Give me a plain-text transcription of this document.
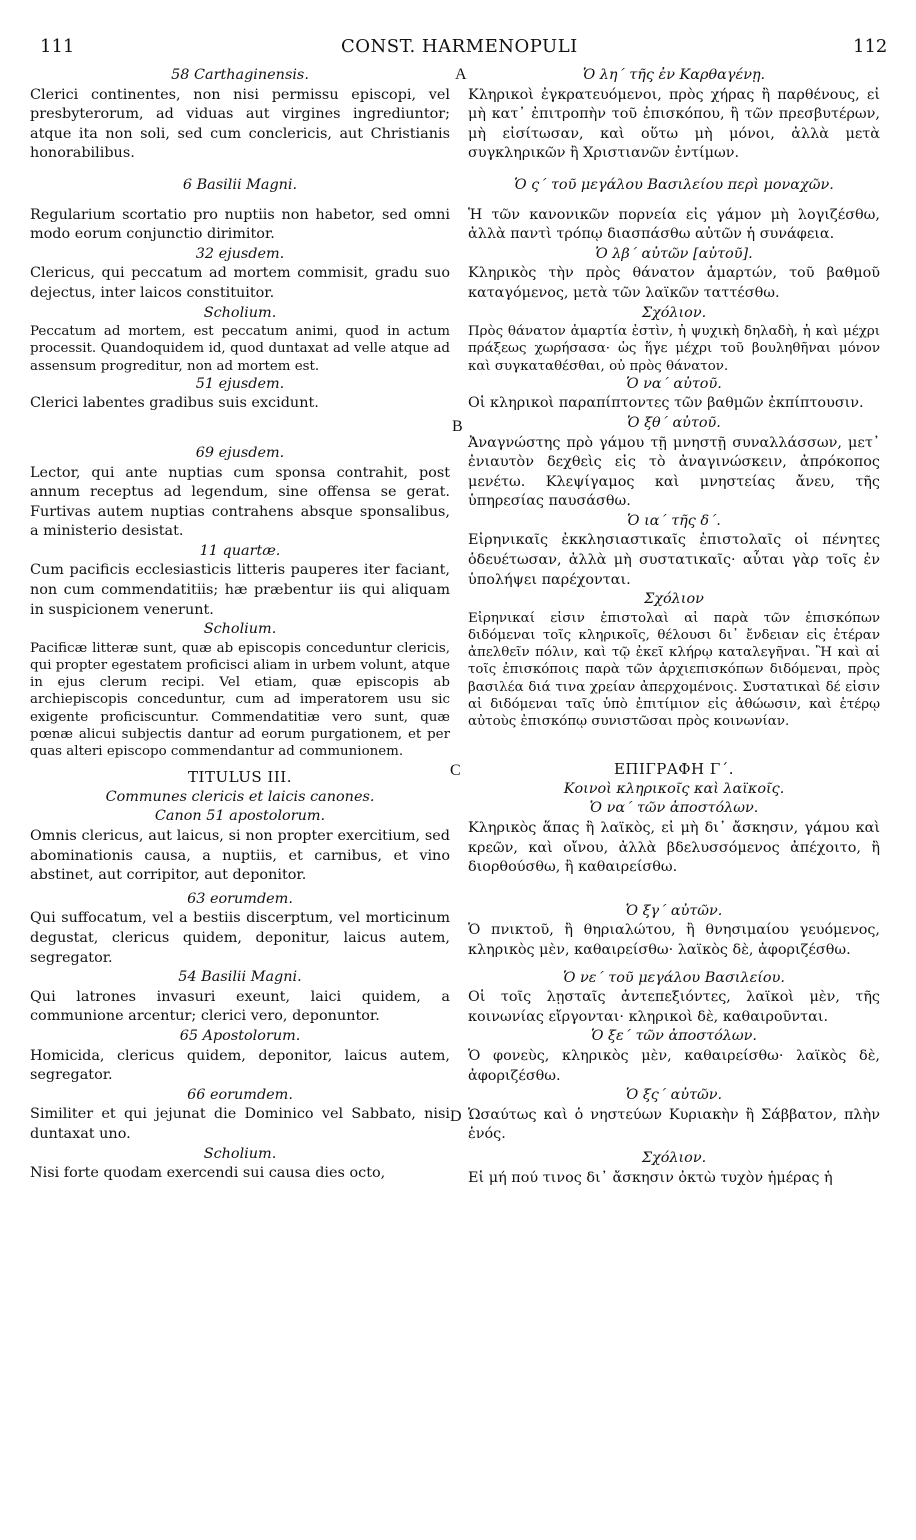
111	CONST. HARMENOPULI	112
A
B
C
D
58 Carthaginensis.
Clerici continentes, non nisi permissu episcopi, vel presbyterorum, ad viduas aut virgines ingrediuntor; atque ita non soli, sed cum conclericis, aut Christianis honorabilibus.
6 Basilii Magni.
Regularium scortatio pro nuptiis non habetor, sed omni modo eorum conjunctio dirimitor.
32 ejusdem.
Clericus, qui peccatum ad mortem commisit, gradu suo dejectus, inter laicos constituitor.
Scholium.
Peccatum ad mortem, est peccatum animi, quod in actum processit. Quandoquidem id, quod duntaxat ad velle atque ad assensum progreditur, non ad mortem est.
51 ejusdem.
Clerici labentes gradibus suis excidunt.
69 ejusdem.
Lector, qui ante nuptias cum sponsa contrahit, post annum receptus ad legendum, sine offensa se gerat. Furtivas autem nuptias contrahens absque sponsalibus, a ministerio desistat.
11 quartæ.
Cum pacificis ecclesiasticis litteris pauperes iter faciant, non cum commendatitiis; hæ præbentur iis qui aliquam in suspicionem venerunt.
Scholium.
Pacificæ litteræ sunt, quæ ab episcopis conceduntur clericis, qui propter egestatem proficisci aliam in urbem volunt, atque in ejus clerum recipi. Vel etiam, quæ episcopis ab archiepiscopis conceduntur, cum ad imperatorem usu sic exigente proficiscuntur. Commendatitiæ vero sunt, quæ pœnæ alicui subjectis dantur ad eorum purgationem, et per quas alteri episcopo commendantur ad communionem.
TITULUS III.
Communes clericis et laicis canones.
Canon 51 apostolorum.
Omnis clericus, aut laicus, si non propter exercitium, sed abominationis causa, a nuptiis, et carnibus, et vino abstinet, aut corripitor, aut deponitor.
63 eorumdem.
Qui suffocatum, vel a bestiis discerptum, vel morticinum degustat, clericus quidem, deponitur, laicus autem, segregator.
54 Basilii Magni.
Qui latrones invasuri exeunt, laici quidem, a communione arcentur; clerici vero, deponuntor.
65 Apostolorum.
Homicida, clericus quidem, deponitor, laicus autem, segregator.
66 eorumdem.
Similiter et qui jejunat die Dominico vel Sabbato, nisi duntaxat uno.
Scholium.
Nisi forte quodam exercendi sui causa dies octo,
Ὁ λη΄ τῆς ἐν Καρθαγένῃ.
Κληρικοὶ ἐγκρατευόμενοι, πρὸς χήρας ἢ παρθένους, εἰ μὴ κατ᾽ ἐπιτροπὴν τοῦ ἐπισκόπου, ἢ τῶν πρεσβυτέρων, μὴ εἰσίτωσαν, καὶ οὕτω μὴ μόνοι, ἀλλὰ μετὰ συγκληρικῶν ἢ Χριστιανῶν ἐντίμων.
Ὁ ς΄ τοῦ μεγάλου Βασιλείου περὶ μοναχῶν.
Ἡ τῶν κανονικῶν πορνεία εἰς γάμον μὴ λογιζέσθω, ἀλλὰ παντὶ τρόπῳ διασπάσθω αὐτῶν ἡ συνάφεια.
Ὁ λβ΄ αὐτῶν [αὐτοῦ].
Κληρικὸς τὴν πρὸς θάνατον ἁμαρτών, τοῦ βαθμοῦ καταγόμενος, μετὰ τῶν λαϊκῶν ταττέσθω.
Σχόλιον.
Πρὸς θάνατον ἁμαρτία ἐστὶν, ἡ ψυχικὴ δηλαδὴ, ἡ καὶ μέχρι πράξεως χωρήσασα· ὡς ἥγε μέχρι τοῦ βουληθῆναι μόνον καὶ συγκαταθέσθαι, οὐ πρὸς θάνατον.
Ὁ να΄ αὐτοῦ.
Οἱ κληρικοὶ παραπίπτοντες τῶν βαθμῶν ἐκπίπτουσιν.
Ὁ ξθ΄ αὐτοῦ.
Ἀναγνώστης πρὸ γάμου τῇ μνηστῇ συναλλάσσων, μετ᾽ ἐνιαυτὸν δεχθεὶς εἰς τὸ ἀναγινώσκειν, ἀπρόκοπος μενέτω. Κλεψίγαμος καὶ μνηστείας ἄνευ, τῆς ὑπηρεσίας παυσάσθω.
Ὁ ια΄ τῆς δ΄.
Εἰρηνικαῖς ἐκκλησιαστικαῖς ἐπιστολαῖς οἱ πένητες ὁδευέτωσαν, ἀλλὰ μὴ συστατικαῖς· αὗται γὰρ τοῖς ἐν ὑπολήψει παρέχονται.
Σχόλιον
Εἰρηνικαί εἰσιν ἐπιστολαὶ αἱ παρὰ τῶν ἐπισκόπων διδόμεναι τοῖς κληρικοῖς, θέλουσι δι᾽ ἔνδειαν εἰς ἑτέραν ἀπελθεῖν πόλιν, καὶ τῷ ἐκεῖ κλήρῳ καταλεγῆναι. Ἢ καὶ αἱ τοῖς ἐπισκόποις παρὰ τῶν ἀρχιεπισκόπων διδόμεναι, πρὸς βασιλέα διά τινα χρείαν ἀπερχομένοις. Συστατικαὶ δέ εἰσιν αἱ διδόμεναι ταῖς ὑπὸ ἐπιτίμιον εἰς ἀθώωσιν, καὶ ἑτέρῳ αὐτοὺς ἐπισκόπῳ συνιστῶσαι πρὸς κοινωνίαν.
ΕΠΙΓΡΑΦΗ Γ΄.
Κοινοὶ κληρικοῖς καὶ λαϊκοῖς.
Ὁ να΄ τῶν ἀποστόλων.
Κληρικὸς ἅπας ἢ λαϊκὸς, εἰ μὴ δι᾽ ἄσκησιν, γάμου καὶ κρεῶν, καὶ οἴνου, ἀλλὰ βδελυσσόμενος ἀπέχοιτο, ἢ διορθούσθω, ἢ καθαιρείσθω.
Ὁ ξγ΄ αὐτῶν.
Ὁ πνικτοῦ, ἢ θηριαλώτου, ἢ θνησιμαίου γευόμενος, κληρικὸς μὲν, καθαιρείσθω· λαϊκὸς δὲ, ἀφοριζέσθω.
Ὁ νε΄ τοῦ μεγάλου Βασιλείου.
Οἱ τοῖς λῃσταῖς ἀντεπεξιόντες, λαϊκοὶ μὲν, τῆς κοινωνίας εἴργονται· κληρικοὶ δὲ, καθαιροῦνται.
Ὁ ξε΄ τῶν ἀποστόλων.
Ὁ φονεὺς, κληρικὸς μὲν, καθαιρείσθω· λαϊκὸς δὲ, ἀφοριζέσθω.
Ὁ ξς΄ αὐτῶν.
Ὡσαύτως καὶ ὁ νηστεύων Κυριακὴν ἢ Σάββατον, πλὴν ἑνός.
Σχόλιον.
Εἰ μή πού τινος δι᾽ ἄσκησιν ὀκτὼ τυχὸν ἡμέρας ἡ
